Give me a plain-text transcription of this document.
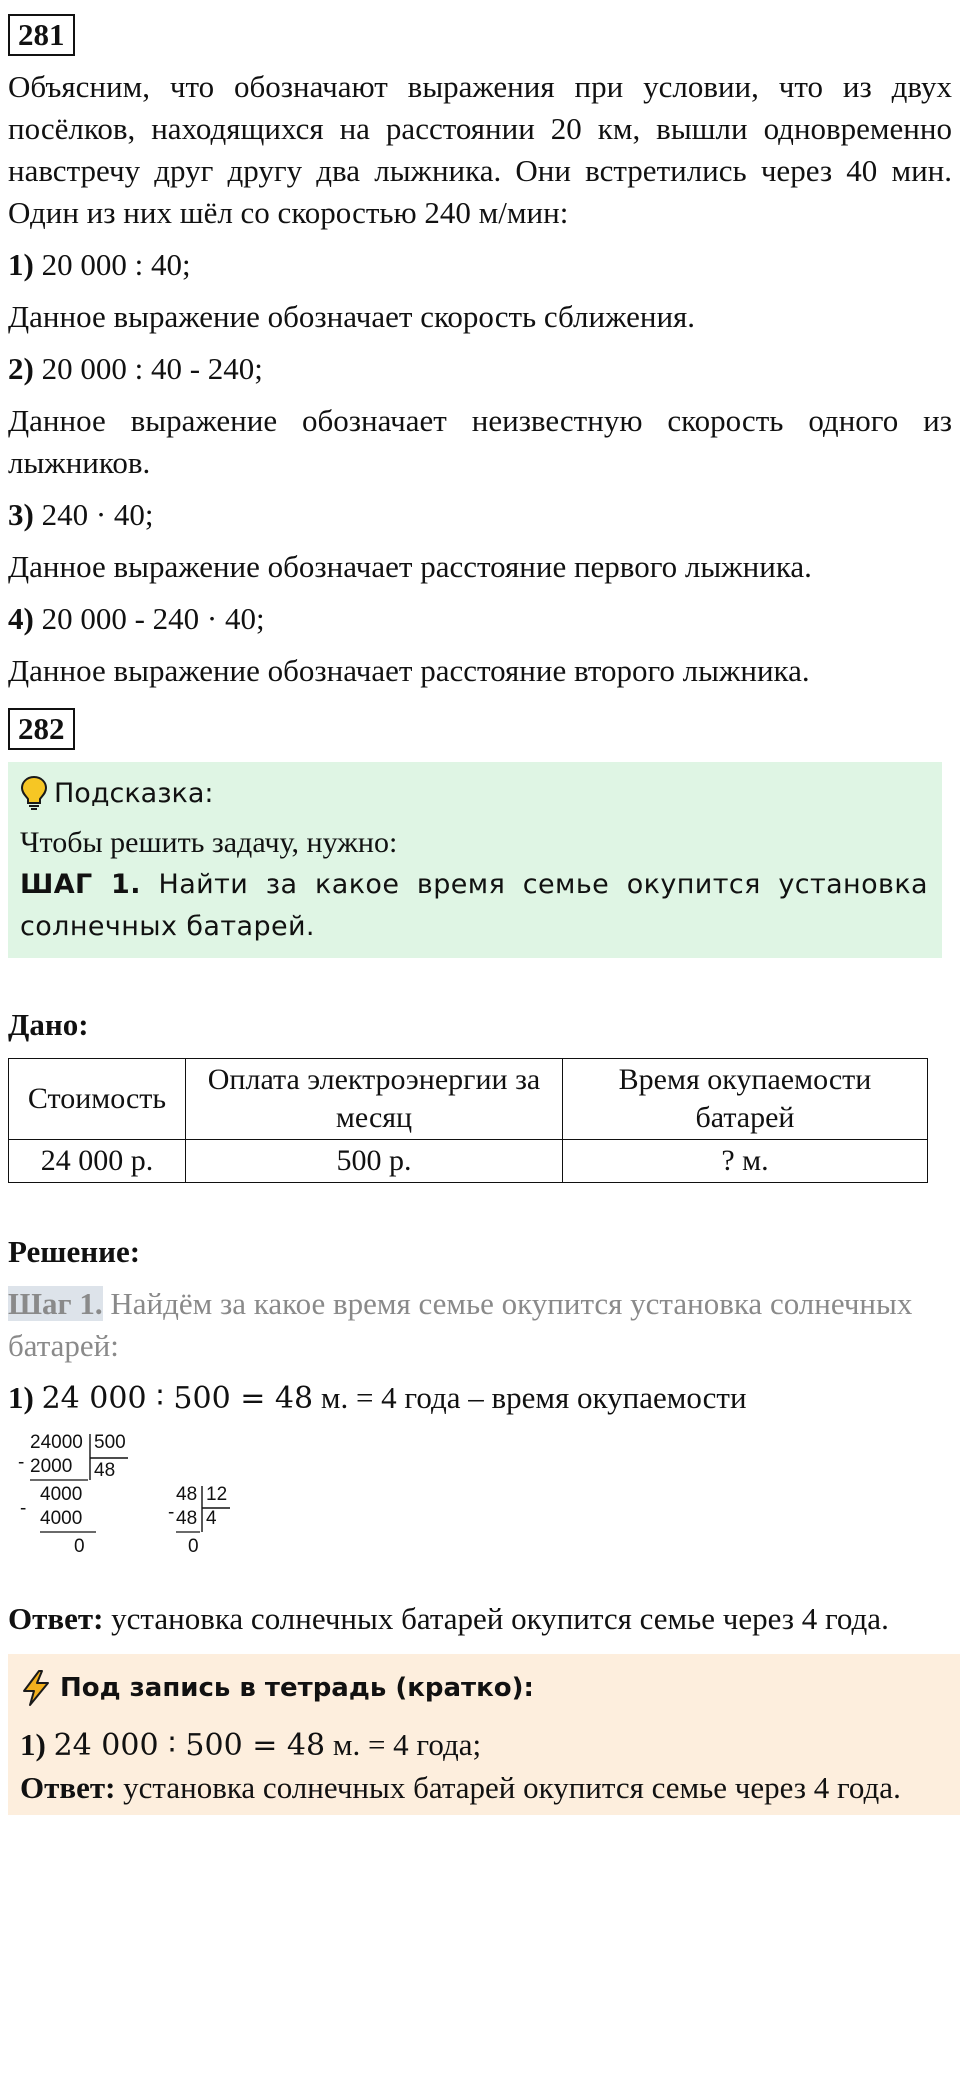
281

Объясним, что обозначают выражения при условии, что из двух посёлков, находящихся на расстоянии 20 км, вышли одновременно навстречу друг другу два лыжника. Они встретились через 40 мин. Один из них шёл со скоростью 240 м/мин:

1) 20 000 : 40;

Данное выражение обозначает скорость сближения.

2) 20 000 : 40 - 240;

Данное выражение обозначает неизвестную скорость одного из лыжников.

3) 240 · 40;

Данное выражение обозначает расстояние первого лыжника.

4) 20 000 - 240 · 40;

Данное выражение обозначает расстояние второго лыжника.

282
Подсказка:
Чтобы решить задачу, нужно:
ШАГ 1. Найти за какое время семье окупится установка солнечных батарей.

Дано:

Стоимость	Оплата электроэнергии за месяц	Время окупаемости батарей
24 000 р.	500 р.	? м.

Решение:

Шаг 1. Найдём за какое время семье окупится установка солнечных батарей:

1) 24 000 ∶ 500 = 48 м. = 4 года – время окупаемости

24000 500
48
- 2000
-
4000
4000
0
48 12
- 48 4
0

Ответ: установка солнечных батарей окупится семье через 4 года.

Под запись в тетрадь (кратко):

1) 24 000 ∶ 500 = 48 м. = 4 года;

Ответ: установка солнечных батарей окупится семье через 4 года.
